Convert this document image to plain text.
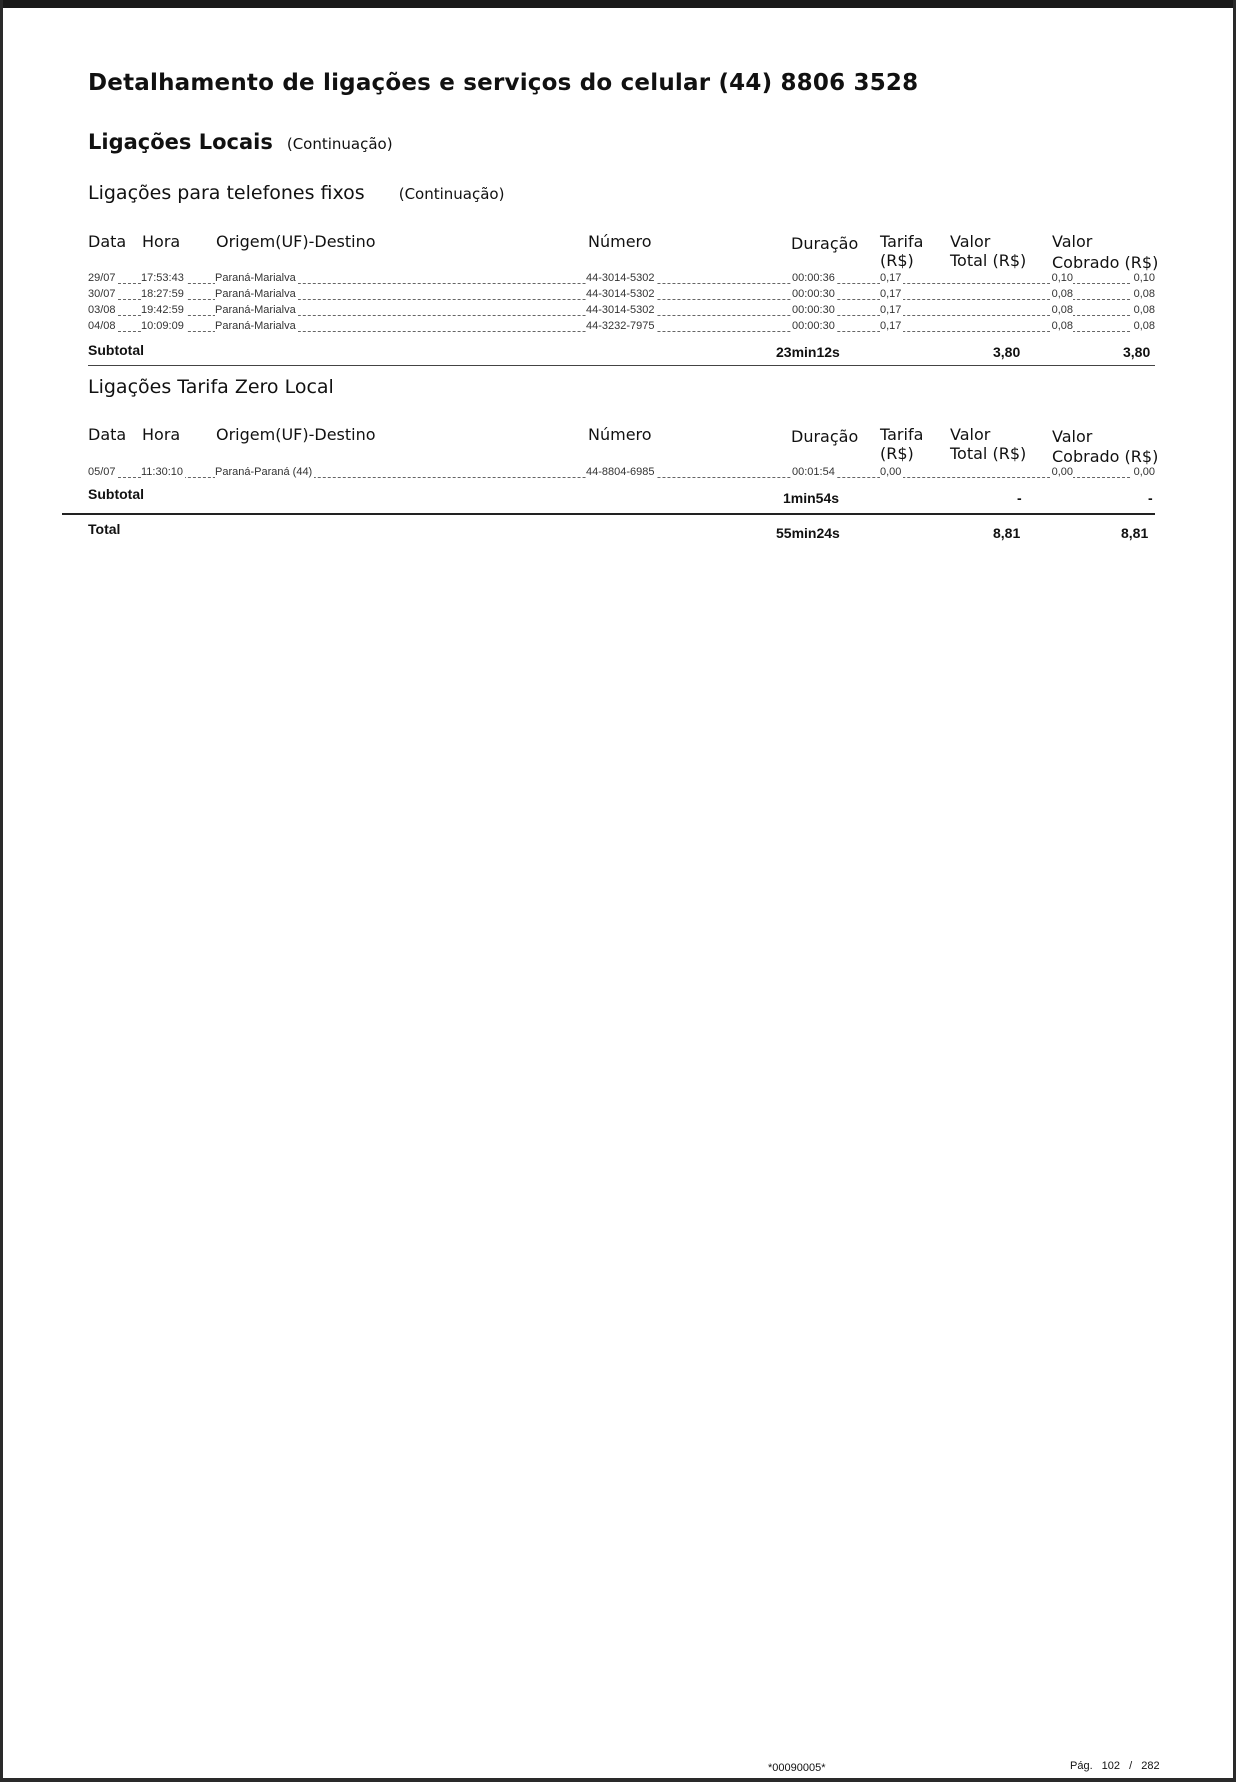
Detalhamento de ligações e serviços do celular (44) 8806 3528
Ligações Locais (Continuação)
Ligações para telefones fixos (Continuação)
Data Hora Origem(UF)-Destino	Número	Duração Tarifa
(R$)
Valor
Total (R$)
Valor
Cobrado (R$)
29/07 17:53:43	Paraná-Marialva	44-3014-5302	00:00:36	0,17	0,10	0,10
30/07 18:27:59	Paraná-Marialva	44-3014-5302	00:00:30	0,17	0,08	0,08
03/08 19:42:59	Paraná-Marialva	44-3014-5302	00:00:30	0,17	0,08	0,08
04/08 10:09:09	Paraná-Marialva	44-3232-7975	00:00:30	0,17	0,08	0,08
Subtotal	23min12s	3,80	3,80
Ligações Tarifa Zero Local
Data Hora Origem(UF)-Destino	Número	Duração Tarifa
(R$)
Valor
Total (R$)
Valor
Cobrado (R$)
05/07 11:30:10	Paraná-Paraná (44)	44-8804-6985	00:01:54	0,00	0,00	0,00
Subtotal	1min54s	-	-
Total	55min24s	8,81	8,81
*00090005*	Pág. 102 / 282
